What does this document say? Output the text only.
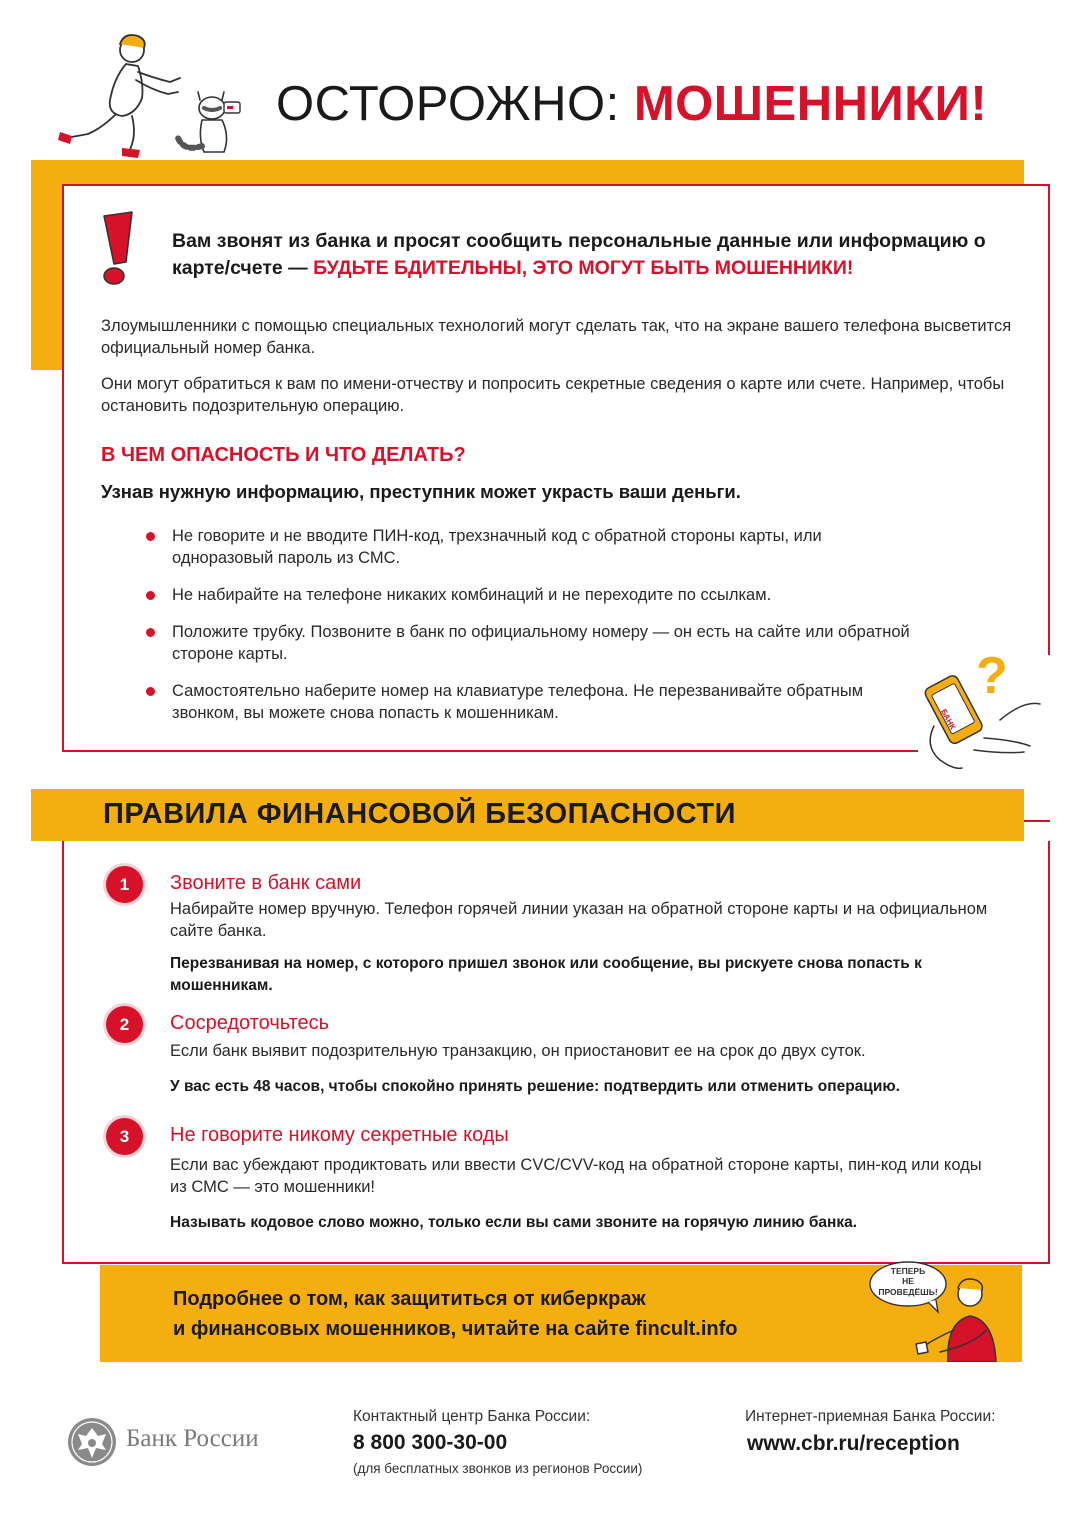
ОСТОРОЖНО: МОШЕННИКИ!
Вам звонят из банка и просят сообщить персональные данные или информацию о карте/счете — БУДЬТЕ БДИТЕЛЬНЫ, ЭТО МОГУТ БЫТЬ МОШЕННИКИ!

Злоумышленники с помощью специальных технологий могут сделать так, что на экране вашего телефона высветится официальный номер банка.

Они могут обратиться к вам по имени-отчеству и попросить секретные сведения о карте или счете. Например, чтобы остановить подозрительную операцию.

В ЧЕМ ОПАСНОСТЬ И ЧТО ДЕЛАТЬ?
Узнав нужную информацию, преступник может украсть ваши деньги.
Не говорите и не вводите ПИН-код, трехзначный код с обратной стороны карты, или одноразовый пароль из СМС.
Не набирайте на телефоне никаких комбинаций и не переходите по ссылкам.
Положите трубку. Позвоните в банк по официальному номеру — он есть на сайте или обратной стороне карты.
Самостоятельно наберите номер на клавиатуре телефона. Не перезванивайте обратным звонком, вы можете снова попасть к мошенникам.	БАНК
?
ПРАВИЛА ФИНАНСОВОЙ БЕЗОПАСНОСТИ
1	Звоните в банк сами
Набирайте номер вручную. Телефон горячей линии указан на обратной стороне карты и на официальном сайте банка.
Перезванивая на номер, с которого пришел звонок или сообщение, вы рискуете снова попасть к мошенникам.
2	Сосредоточьтесь
Если банк выявит подозрительную транзакцию, он приостановит ее на срок до двух суток.
У вас есть 48 часов, чтобы спокойно принять решение: подтвердить или отменить операцию.
3	Не говорите никому секретные коды
Если вас убеждают продиктовать или ввести CVC/CVV-код на обратной стороне карты, пин-код или коды из СМС — это мошенники!
Называть кодовое слово можно, только если вы сами звоните на горячую линию банка.
Подробнее о том, как защититься от киберкраж
и финансовых мошенников, читайте на сайте fincult.info
ТЕПЕРЬ
НЕ
ПРОВЕДЁШЬ!
Банк России
Контактный центр Банка России:
8 800 300-30-00
(для бесплатных звонков из регионов России)
Интернет-приемная Банка России:
www.cbr.ru/reception
